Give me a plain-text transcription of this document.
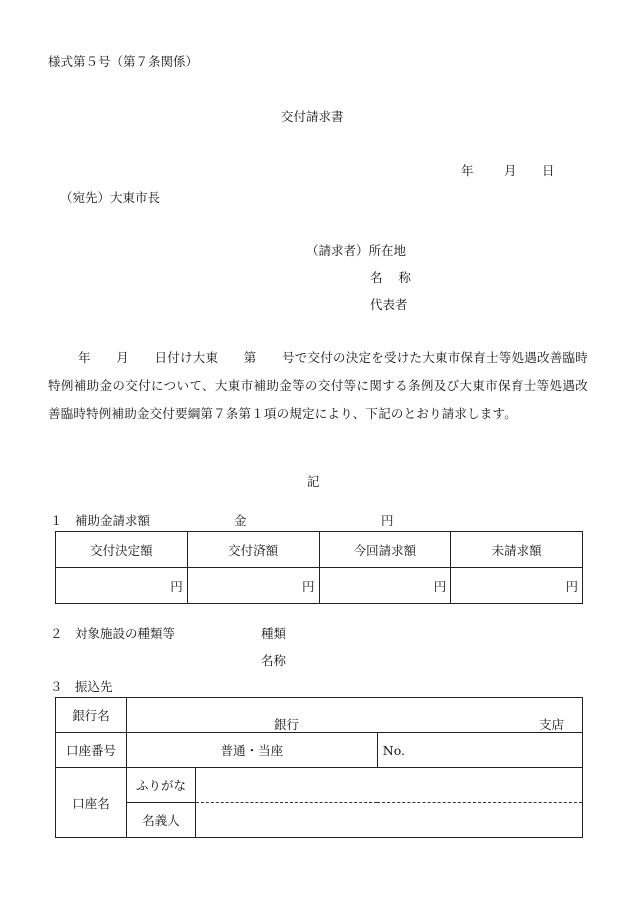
様式第５号（第７条関係）
交付請求書
年 月 日
（宛先）大東市長
（請求者）所在地
名 称
代表者
年　　月　　日付け大東　　第　　号で交付の決定を受けた大東市保育士等処遇改善臨時特例補助金の交付について、大東市補助金等の交付等に関する条例及び大東市保育士等処遇改善臨時特例補助金交付要綱第７条第１項の規定により、下記のとおり請求します。
記
１　補助金請求額	金	円
交付決定額	交付済額	今回請求額	未請求額
円	円	円	円
２　対象施設の種類等	種類
名称
３　振込先
銀行名	銀行 支店		

口座番号	普通・当座		No.
口座名	ふりがな		
	名義人		
